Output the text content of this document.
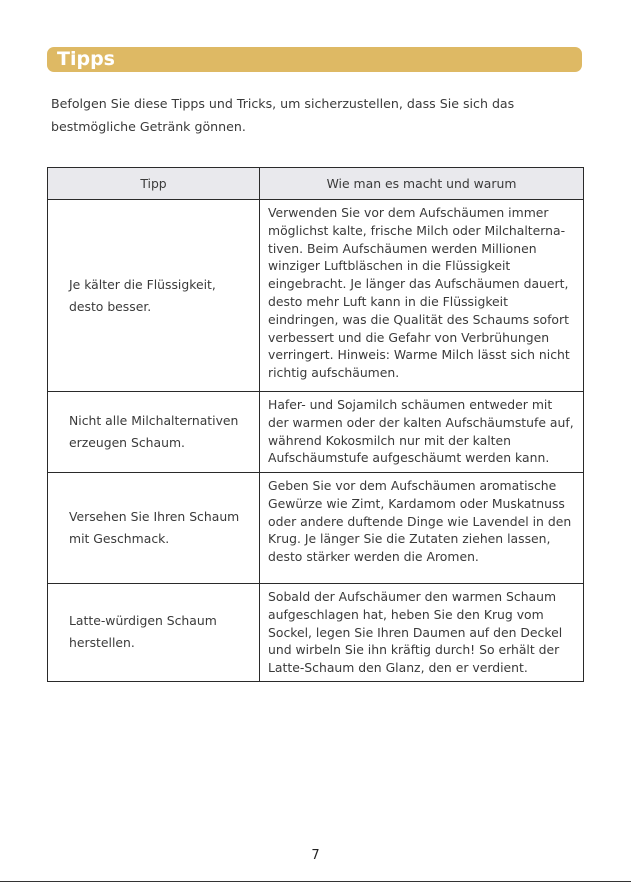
Tipps
Befolgen Sie diese Tipps und Tricks, um sicherzustellen, dass Sie sich das bestmögliche Getränk gönnen.
Tipp	Wie man es macht und warum
Je kälter die Flüssigkeit, desto besser.	Verwenden Sie vor dem Aufschäumen immer möglichst kalte, frische Milch oder Milchalterna-tiven. Beim Aufschäumen werden Millionen winziger Luftbläschen in die Flüssigkeit eingebracht. Je länger das Aufschäumen dauert, desto mehr Luft kann in die Flüssigkeit eindringen, was die Qualität des Schaums sofort verbessert und die Gefahr von Verbrühungen verringert. Hinweis: Warme Milch lässt sich nicht richtig aufschäumen.
Nicht alle Milchalternativen erzeugen Schaum.	Hafer- und Sojamilch schäumen entweder mit der warmen oder der kalten Aufschäumstufe auf, während Kokosmilch nur mit der kalten Aufschäumstufe aufgeschäumt werden kann.
Versehen Sie Ihren Schaum mit Geschmack.	Geben Sie vor dem Aufschäumen aromatische Gewürze wie Zimt, Kardamom oder Muskatnuss oder andere duftende Dinge wie Lavendel in den Krug. Je länger Sie die Zutaten ziehen lassen, desto stärker werden die Aromen.
Latte-würdigen Schaum herstellen.	Sobald der Aufschäumer den warmen Schaum aufgeschlagen hat, heben Sie den Krug vom Sockel, legen Sie Ihren Daumen auf den Deckel und wirbeln Sie ihn kräftig durch! So erhält der Latte-Schaum den Glanz, den er verdient.
7
